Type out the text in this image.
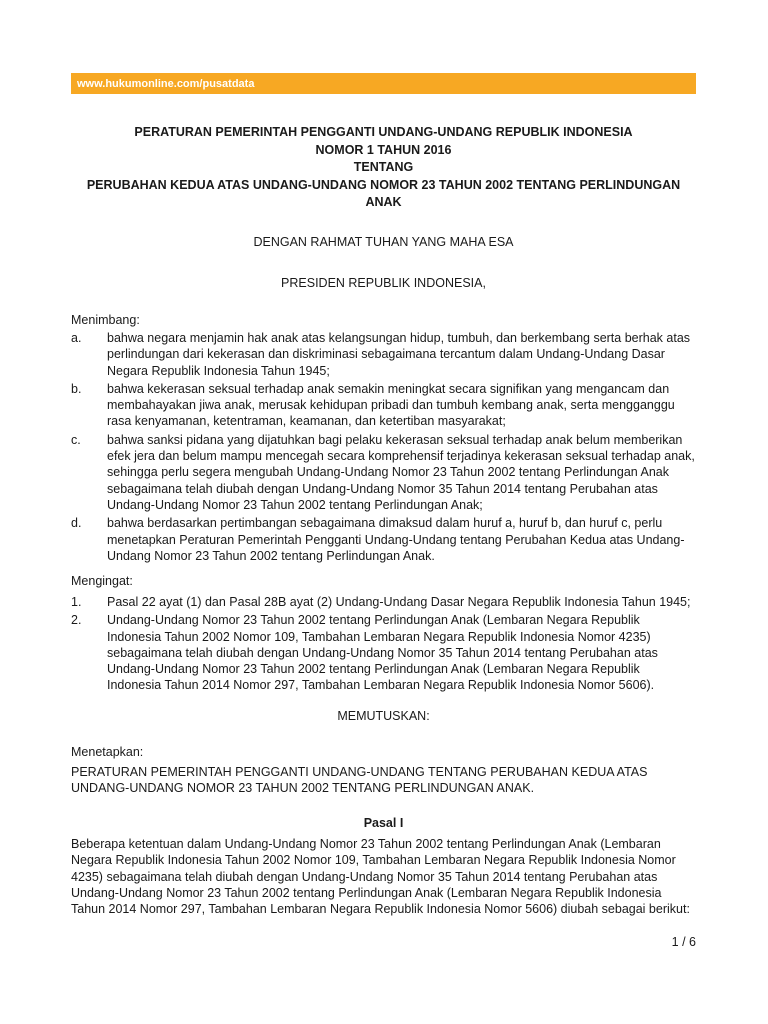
www.hukumonline.com/pusatdata
PERATURAN PEMERINTAH PENGGANTI UNDANG-UNDANG REPUBLIK INDONESIA
NOMOR 1 TAHUN 2016
TENTANG
PERUBAHAN KEDUA ATAS UNDANG-UNDANG NOMOR 23 TAHUN 2002 TENTANG PERLINDUNGAN
ANAK
DENGAN RAHMAT TUHAN YANG MAHA ESA
PRESIDEN REPUBLIK INDONESIA,
Menimbang:
a.	bahwa negara menjamin hak anak atas kelangsungan hidup, tumbuh, dan berkembang serta berhak atas perlindungan dari kekerasan dan diskriminasi sebagaimana tercantum dalam Undang-Undang Dasar Negara Republik Indonesia Tahun 1945;
b.	bahwa kekerasan seksual terhadap anak semakin meningkat secara signifikan yang mengancam dan membahayakan jiwa anak, merusak kehidupan pribadi dan tumbuh kembang anak, serta mengganggu rasa kenyamanan, ketentraman, keamanan, dan ketertiban masyarakat;
c.	bahwa sanksi pidana yang dijatuhkan bagi pelaku kekerasan seksual terhadap anak belum memberikan efek jera dan belum mampu mencegah secara komprehensif terjadinya kekerasan seksual terhadap anak, sehingga perlu segera mengubah Undang-Undang Nomor 23 Tahun 2002 tentang Perlindungan Anak sebagaimana telah diubah dengan Undang-Undang Nomor 35 Tahun 2014 tentang Perubahan atas Undang-Undang Nomor 23 Tahun 2002 tentang Perlindungan Anak;
d.	bahwa berdasarkan pertimbangan sebagaimana dimaksud dalam huruf a, huruf b, dan huruf c, perlu menetapkan Peraturan Pemerintah Pengganti Undang-Undang tentang Perubahan Kedua atas Undang-Undang Nomor 23 Tahun 2002 tentang Perlindungan Anak.
Mengingat:
1.	Pasal 22 ayat (1) dan Pasal 28B ayat (2) Undang-Undang Dasar Negara Republik Indonesia Tahun 1945;
2.	Undang-Undang Nomor 23 Tahun 2002 tentang Perlindungan Anak (Lembaran Negara Republik Indonesia Tahun 2002 Nomor 109, Tambahan Lembaran Negara Republik Indonesia Nomor 4235) sebagaimana telah diubah dengan Undang-Undang Nomor 35 Tahun 2014 tentang Perubahan atas Undang-Undang Nomor 23 Tahun 2002 tentang Perlindungan Anak (Lembaran Negara Republik Indonesia Tahun 2014 Nomor 297, Tambahan Lembaran Negara Republik Indonesia Nomor 5606).
MEMUTUSKAN:
Menetapkan:

PERATURAN PEMERINTAH PENGGANTI UNDANG-UNDANG TENTANG PERUBAHAN KEDUA ATAS UNDANG-UNDANG NOMOR 23 TAHUN 2002 TENTANG PERLINDUNGAN ANAK.

Pasal I

Beberapa ketentuan dalam Undang-Undang Nomor 23 Tahun 2002 tentang Perlindungan Anak (Lembaran Negara Republik Indonesia Tahun 2002 Nomor 109, Tambahan Lembaran Negara Republik Indonesia Nomor 4235) sebagaimana telah diubah dengan Undang-Undang Nomor 35 Tahun 2014 tentang Perubahan atas Undang-Undang Nomor 23 Tahun 2002 tentang Perlindungan Anak (Lembaran Negara Republik Indonesia Tahun 2014 Nomor 297, Tambahan Lembaran Negara Republik Indonesia Nomor 5606) diubah sebagai berikut:

1 / 6
